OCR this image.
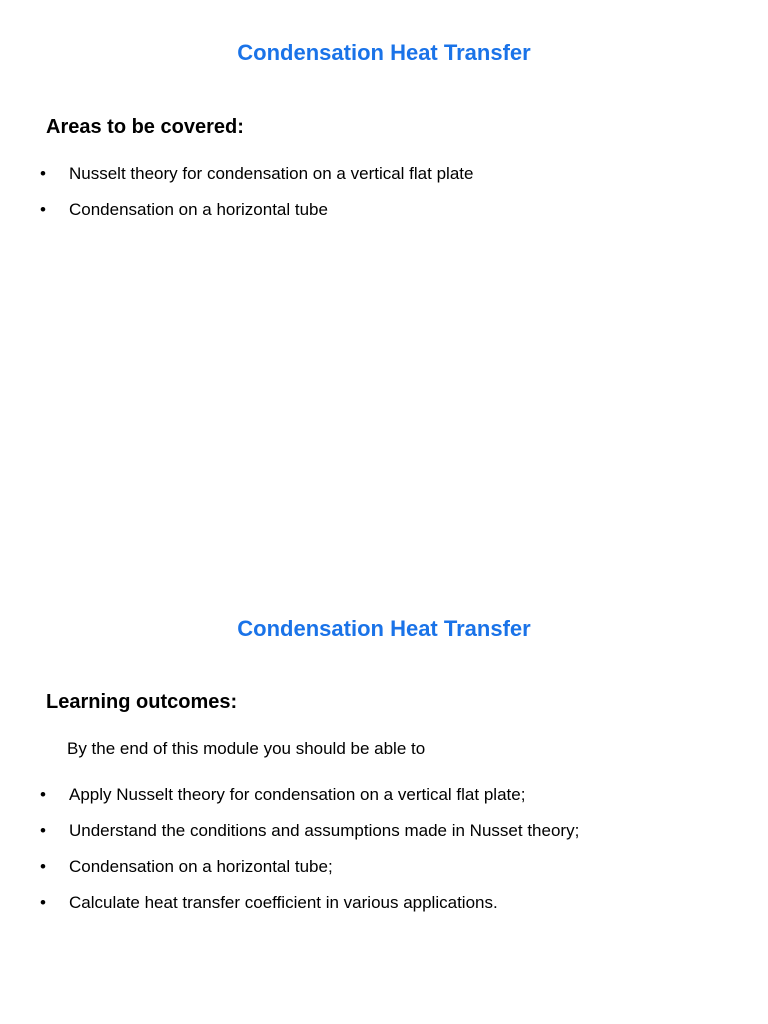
Condensation Heat Transfer
Areas to be covered:
• Nusselt theory for condensation on a vertical flat plate
• Condensation on a horizontal tube
Condensation Heat Transfer
Learning outcomes:
By the end of this module you should be able to
• Apply Nusselt theory for condensation on a vertical flat plate;
• Understand the conditions and assumptions made in Nusset theory;
• Condensation on a horizontal tube;
• Calculate heat transfer coefficient in various applications.
